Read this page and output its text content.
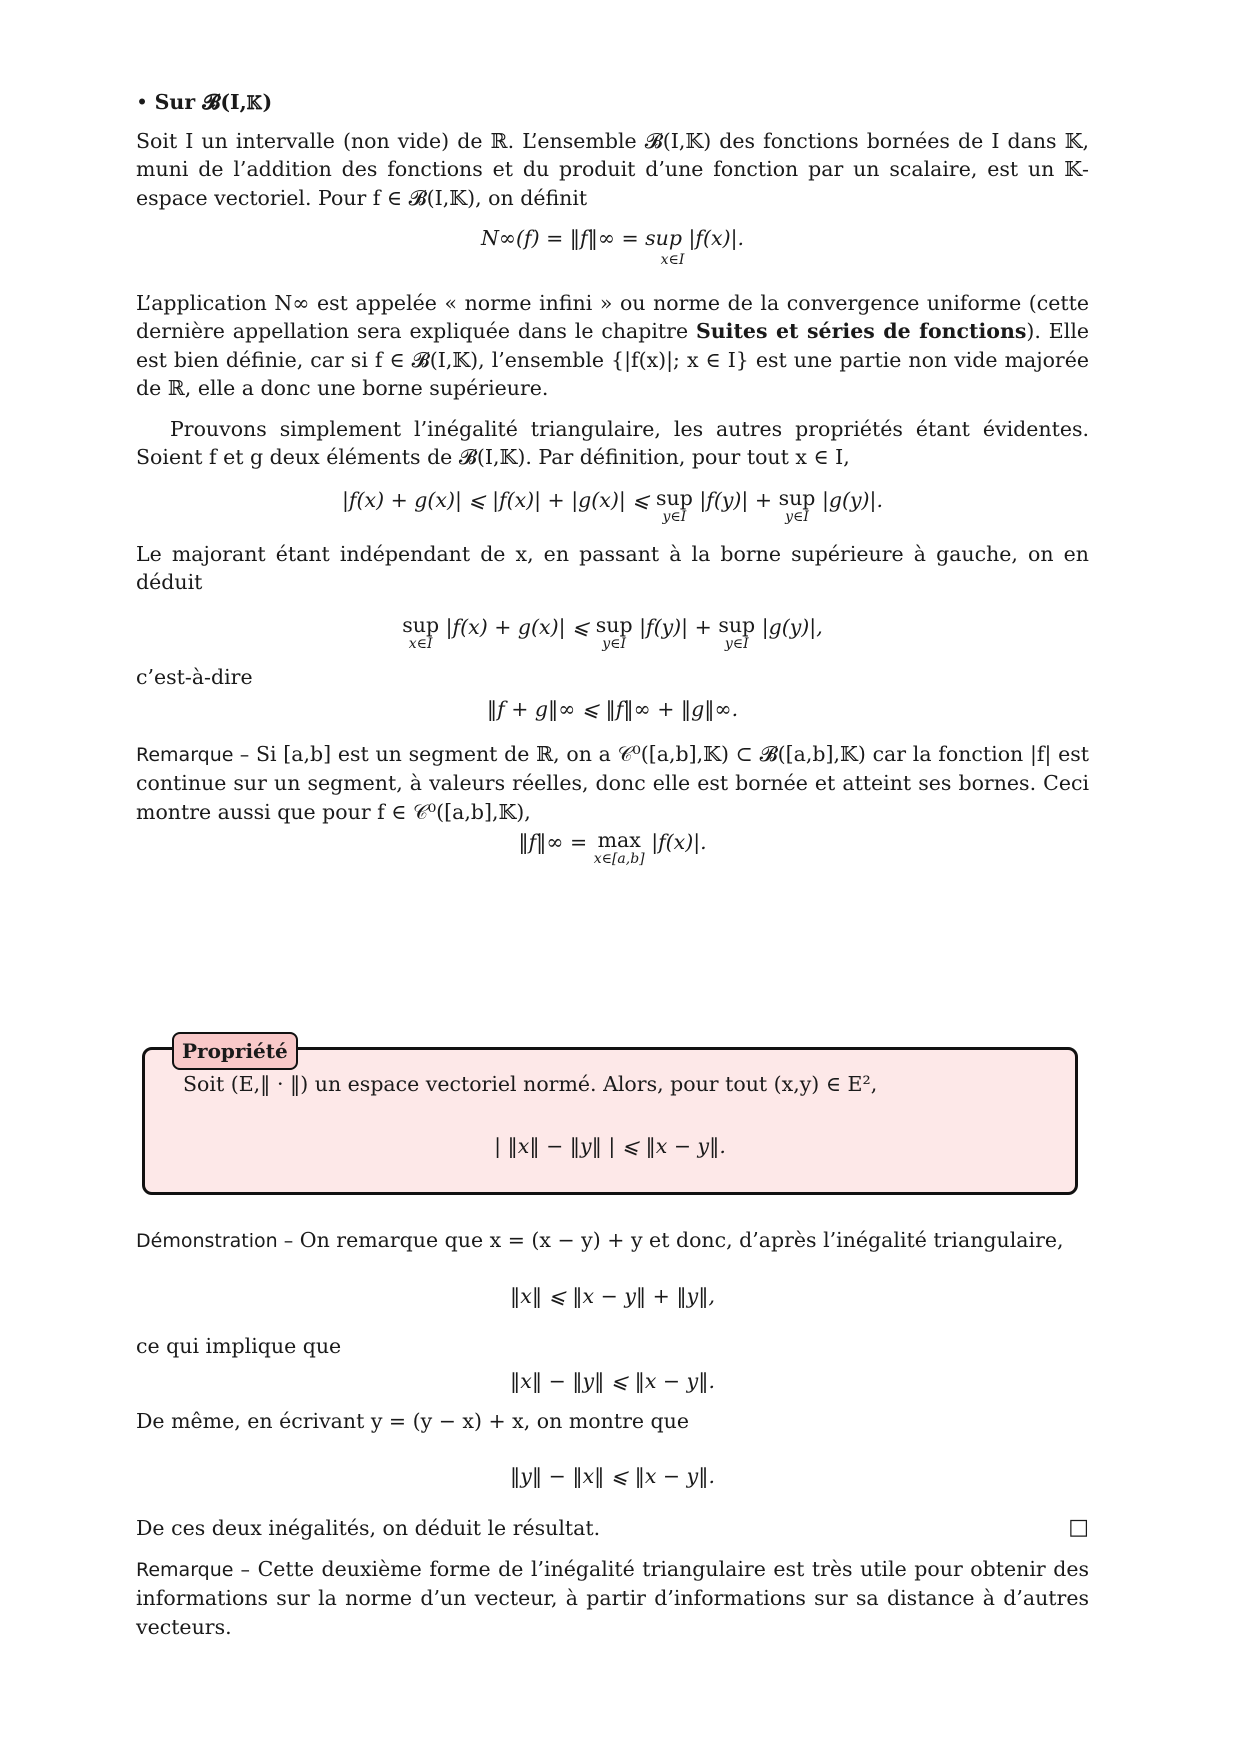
• Sur 𝓑(I,𝕂)

Soit I un intervalle (non vide) de ℝ. L’ensemble 𝓑(I,𝕂) des fonctions bornées de I dans 𝕂, muni de l’addition des fonctions et du produit d’une fonction par un scalaire, est un 𝕂-espace vectoriel. Pour f ∈ 𝓑(I,𝕂), on définit

N∞(f) = ‖f‖∞ = sup |f(x)|.
x∈I

L’application N∞ est appelée « norme infini » ou norme de la convergence uniforme (cette dernière appellation sera expliquée dans le chapitre Suites et séries de fonctions). Elle est bien définie, car si f ∈ 𝓑(I,𝕂), l’ensemble {|f(x)|; x ∈ I} est une partie non vide majorée de ℝ, elle a donc une borne supérieure.

Prouvons simplement l’inégalité triangulaire, les autres propriétés étant évidentes. Soient f et g deux éléments de 𝓑(I,𝕂). Par définition, pour tout x ∈ I,

|f(x) + g(x)| ⩽ |f(x)| + |g(x)| ⩽ sup
y∈I
|f(y)| + sup
y∈I
|g(y)|.

Le majorant étant indépendant de x, en passant à la borne supérieure à gauche, on en déduit

sup
x∈I
|f(x) + g(x)| ⩽ sup
y∈I
|f(y)| + sup
y∈I
|g(y)|,

c’est-à-dire

‖f + g‖∞ ⩽ ‖f‖∞ + ‖g‖∞.

Remarque – Si [a,b] est un segment de ℝ, on a 𝒞⁰([a,b],𝕂) ⊂ 𝓑([a,b],𝕂) car la fonction |f| est continue sur un segment, à valeurs réelles, donc elle est bornée et atteint ses bornes. Ceci montre aussi que pour f ∈ 𝒞⁰([a,b],𝕂),

‖f‖∞ = max
x∈[a,b]
|f(x)|.
Soit (E,‖ · ‖) un espace vectoriel normé. Alors, pour tout (x,y) ∈ E²,
| ‖x‖ − ‖y‖ | ⩽ ‖x − y‖.
Propriété

Démonstration – On remarque que x = (x − y) + y et donc, d’après l’inégalité triangulaire,

‖x‖ ⩽ ‖x − y‖ + ‖y‖,

ce qui implique que

‖x‖ − ‖y‖ ⩽ ‖x − y‖.

De même, en écrivant y = (y − x) + x, on montre que

‖y‖ − ‖x‖ ⩽ ‖x − y‖.

De ces deux inégalités, on déduit le résultat.	□

Remarque – Cette deuxième forme de l’inégalité triangulaire est très utile pour obtenir des informations sur la norme d’un vecteur, à partir d’informations sur sa distance à d’autres vecteurs.
